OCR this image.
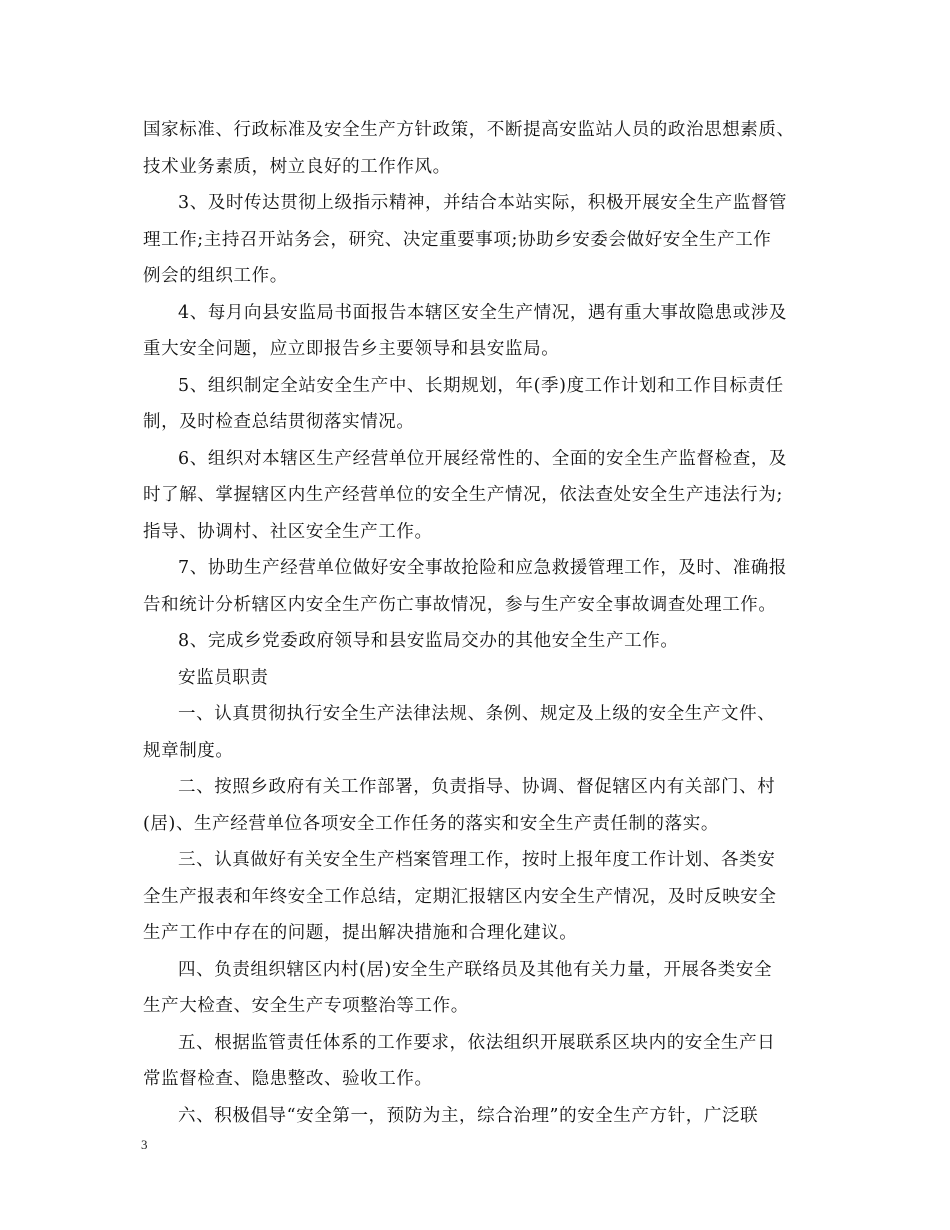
国家标准、行政标准及安全生产方针政策，不断提高安监站人员的政治思想素质、
技术业务素质，树立良好的工作作风。
3、及时传达贯彻上级指示精神，并结合本站实际，积极开展安全生产监督管
理工作;主持召开站务会，研究、决定重要事项;协助乡安委会做好安全生产工作
例会的组织工作。
4、每月向县安监局书面报告本辖区安全生产情况，遇有重大事故隐患或涉及
重大安全问题，应立即报告乡主要领导和县安监局。
5、组织制定全站安全生产中、长期规划，年(季)度工作计划和工作目标责任
制，及时检查总结贯彻落实情况。
6、组织对本辖区生产经营单位开展经常性的、全面的安全生产监督检查，及
时了解、掌握辖区内生产经营单位的安全生产情况，依法查处安全生产违法行为;
指导、协调村、社区安全生产工作。
7、协助生产经营单位做好安全事故抢险和应急救援管理工作，及时、准确报
告和统计分析辖区内安全生产伤亡事故情况，参与生产安全事故调查处理工作。
8、完成乡党委政府领导和县安监局交办的其他安全生产工作。
安监员职责
一、认真贯彻执行安全生产法律法规、条例、规定及上级的安全生产文件、
规章制度。
二、按照乡政府有关工作部署，负责指导、协调、督促辖区内有关部门、村
(居)、生产经营单位各项安全工作任务的落实和安全生产责任制的落实。
三、认真做好有关安全生产档案管理工作，按时上报年度工作计划、各类安
全生产报表和年终安全工作总结，定期汇报辖区内安全生产情况，及时反映安全
生产工作中存在的问题，提出解决措施和合理化建议。
四、负责组织辖区内村(居)安全生产联络员及其他有关力量，开展各类安全
生产大检查、安全生产专项整治等工作。
五、根据监管责任体系的工作要求，依法组织开展联系区块内的安全生产日
常监督检查、隐患整改、验收工作。
六、积极倡导“安全第一，预防为主，综合治理”的安全生产方针，广泛联
3
